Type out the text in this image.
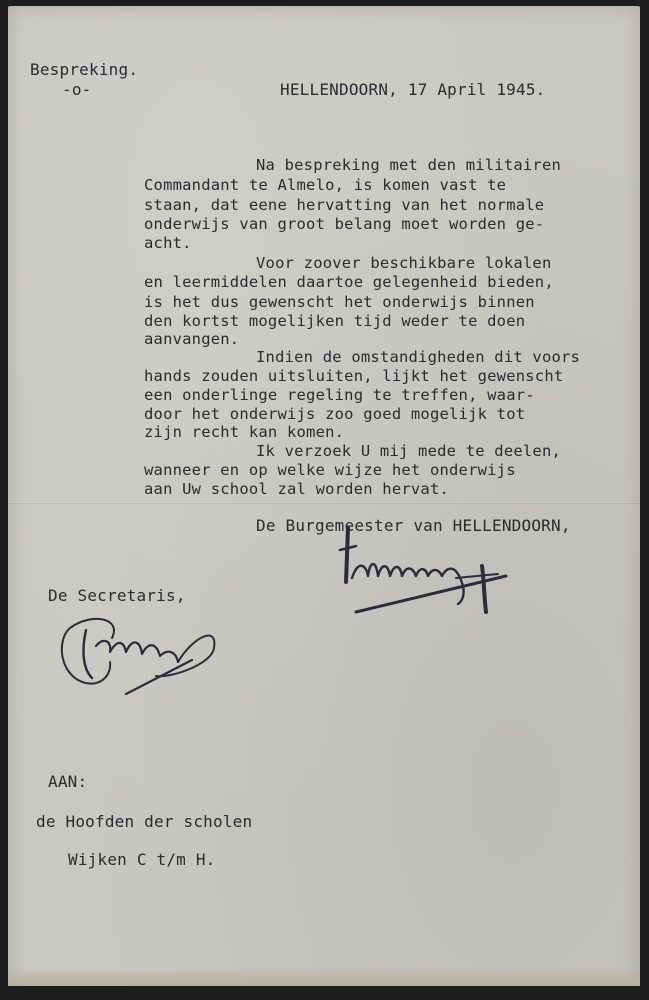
Bespreking.
-o-	HELLENDOORN, 17 April 1945.
Na bespreking met den militairen
Commandant te Almelo, is komen vast te
staan, dat eene hervatting van het normale
onderwijs van groot belang moet worden ge-
acht.
Voor zoover beschikbare lokalen
en leermiddelen daartoe gelegenheid bieden,
is het dus gewenscht het onderwijs binnen
den kortst mogelijken tijd weder te doen
aanvangen.
Indien de omstandigheden dit voors
hands zouden uitsluiten, lijkt het gewenscht
een onderlinge regeling te treffen, waar-
door het onderwijs zoo goed mogelijk tot
zijn recht kan komen.
Ik verzoek U mij mede te deelen,
wanneer en op welke wijze het onderwijs
aan Uw school zal worden hervat.
De Burgemeester van HELLENDOORN,
De Secretaris,
AAN:
de Hoofden der scholen
Wijken C t/m H.
